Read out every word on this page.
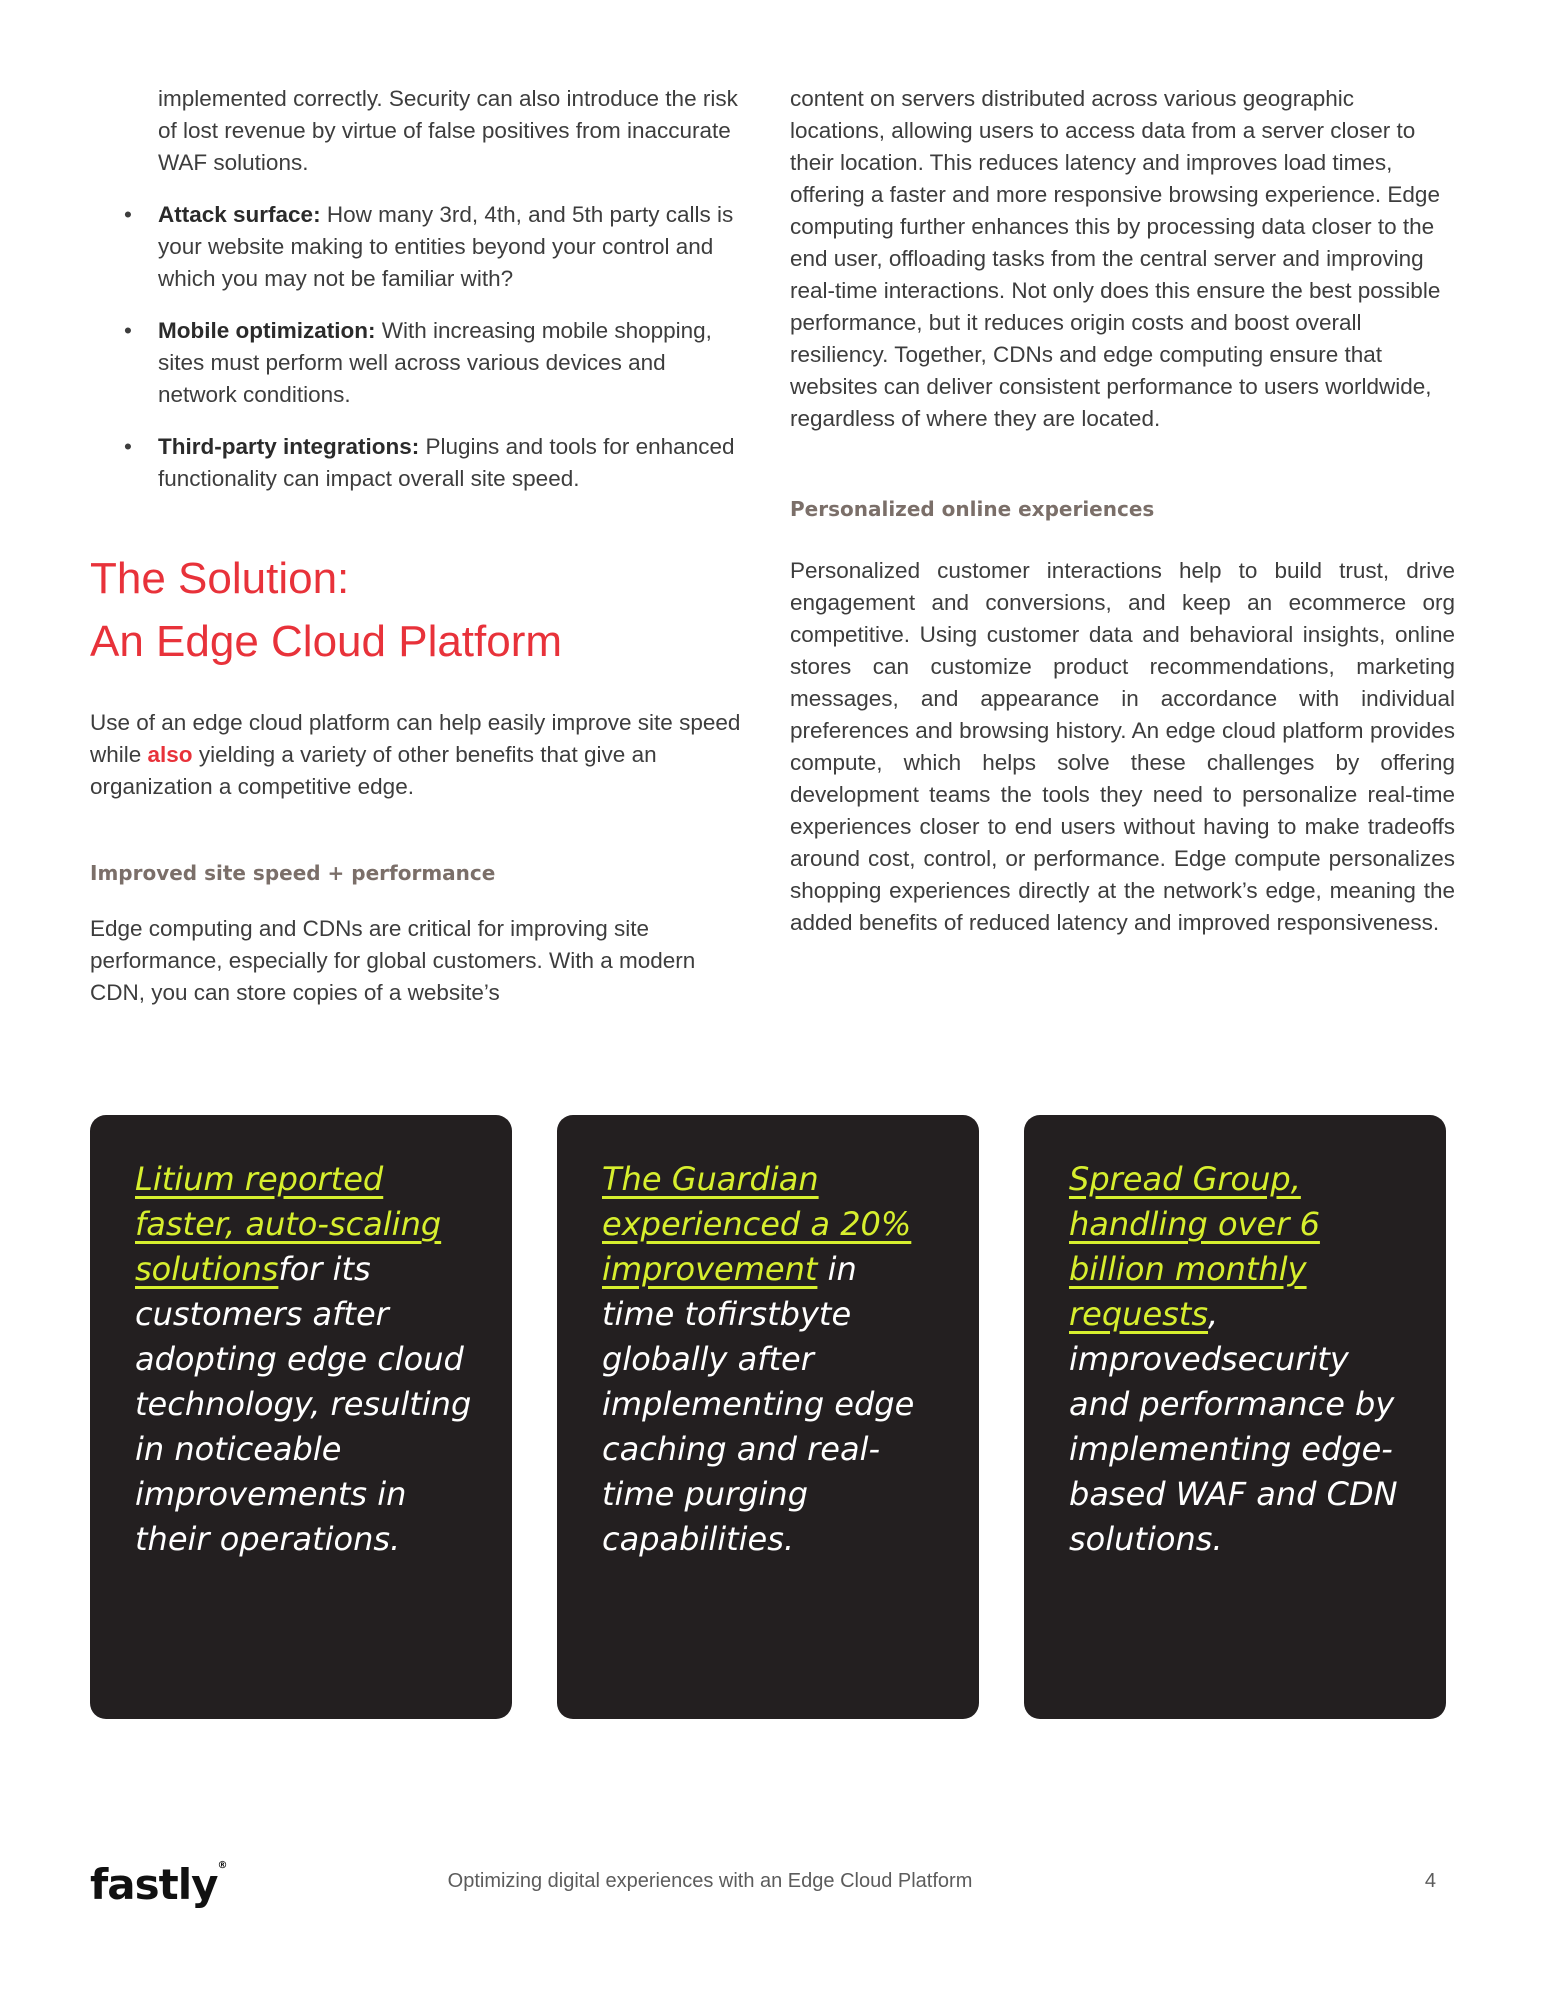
implemented correctly. Security can also introduce the risk of lost revenue by virtue of false positives from inaccurate WAF solutions.

• Attack surface: How many 3rd, 4th, and 5th party calls is your website making to entities beyond your control and which you may not be familiar with?
• Mobile optimization: With increasing mobile shopping, sites must perform well across various devices and network conditions.
• Third-party integrations: Plugins and tools for enhanced functionality can impact overall site speed.
The Solution:
An Edge Cloud Platform

Use of an edge cloud platform can help easily improve site speed while also yielding a variety of other benefits that give an organization a competitive edge.

Improved site speed + performance

Edge computing and CDNs are critical for improving site performance, especially for global customers. With a modern CDN, you can store copies of a website’s

content on servers distributed across various geographic locations, allowing users to access data from a server closer to their location. This reduces latency and improves load times, offering a faster and more responsive browsing experience. Edge computing further enhances this by processing data closer to the end user, offloading tasks from the central server and improving real-time interactions. Not only does this ensure the best possible performance, but it reduces origin costs and boost overall resiliency. Together, CDNs and edge computing ensure that websites can deliver consistent performance to users worldwide, regardless of where they are located.

Personalized online experiences

Personalized customer interactions help to build trust, drive engagement and conversions, and keep an ecommerce org competitive. Using customer data and behavioral insights, online stores can customize product recommendations, marketing messages, and appearance in accordance with individual preferences and browsing history. An edge cloud platform provides compute, which helps solve these challenges by offering development teams the tools they need to personalize real-time experiences closer to end users without having to make tradeoffs around cost, control, or performance. Edge compute personalizes shopping experiences directly at the network’s edge, meaning the added benefits of reduced latency and improved responsiveness.

Litium reported faster, auto-scaling solutionsfor its customers after adopting edge cloud technology, resulting in noticeable improvements in their operations.

The Guardian experienced a 20% improvement in time tofirstbyte globally after implementing edge caching and real-time purging capabilities.

Spread Group, handling over 6 billion monthly requests, improvedsecurity and performance by implementing edge-based WAF and CDN solutions.

fastly®
Optimizing digital experiences with an Edge Cloud Platform	4
